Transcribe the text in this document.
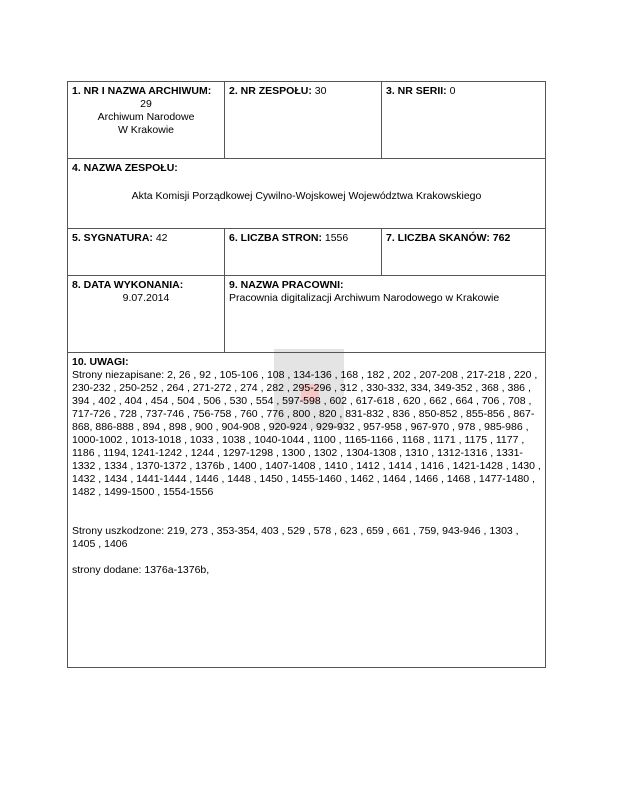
1. NR I NAZWA ARCHIWUM:
29
Archiwum Narodowe
W Krakowie
2. NR ZESPOŁU: 30	3. NR SERII: 0
4. NAZWA ZESPOŁU:
Akta Komisji Porządkowej Cywilno-Wojskowej Województwa Krakowskiego
5. SYGNATURA: 42	6. LICZBA STRON: 1556	7. LICZBA SKANÓW: 762
8. DATA WYKONANIA:
9.07.2014
9. NAZWA PRACOWNI:
Pracownia digitalizacji Archiwum Narodowego w Krakowie
10. UWAGI:

Strony niezapisane: 2, 26 , 92 , 105-106 , 108 , 134-136 , 168 , 182 , 202 , 207-208 , 217-218 , 220 , 230-232 , 250-252 , 264 , 271-272 , 274 , 282 , 295-296 , 312 , 330-332, 334, 349-352 , 368 , 386 , 394 , 402 , 404 , 454 , 504 , 506 , 530 , 554 , 597-598 , 602 , 617-618 , 620 , 662 , 664 , 706 , 708 , 717-726 , 728 , 737-746 , 756-758 , 760 , 776 , 800 , 820 , 831-832 , 836 , 850-852 , 855-856 , 867-868, 886-888 , 894 , 898 , 900 , 904-908 , 920-924 , 929-932 , 957-958 , 967-970 , 978 , 985-986 , 1000-1002 , 1013-1018 , 1033 , 1038 , 1040-1044 , 1100 , 1165-1166 , 1168 , 1171 , 1175 , 1177 , 1186 , 1194, 1241-1242 , 1244 , 1297-1298 , 1300 , 1302 , 1304-1308 , 1310 , 1312-1316 , 1331-1332 , 1334 , 1370-1372 , 1376b , 1400 , 1407-1408 , 1410 , 1412 , 1414 , 1416 , 1421-1428 , 1430 , 1432 , 1434 , 1441-1444 , 1446 , 1448 , 1450 , 1455-1460 , 1462 , 1464 , 1466 , 1468 , 1477-1480 , 1482 , 1499-1500 , 1554-1556

Strony uszkodzone: 219, 273 , 353-354, 403 , 529 , 578 , 623 , 659 , 661 , 759, 943-946 , 1303 , 1405 , 1406

strony dodane: 1376a-1376b,
